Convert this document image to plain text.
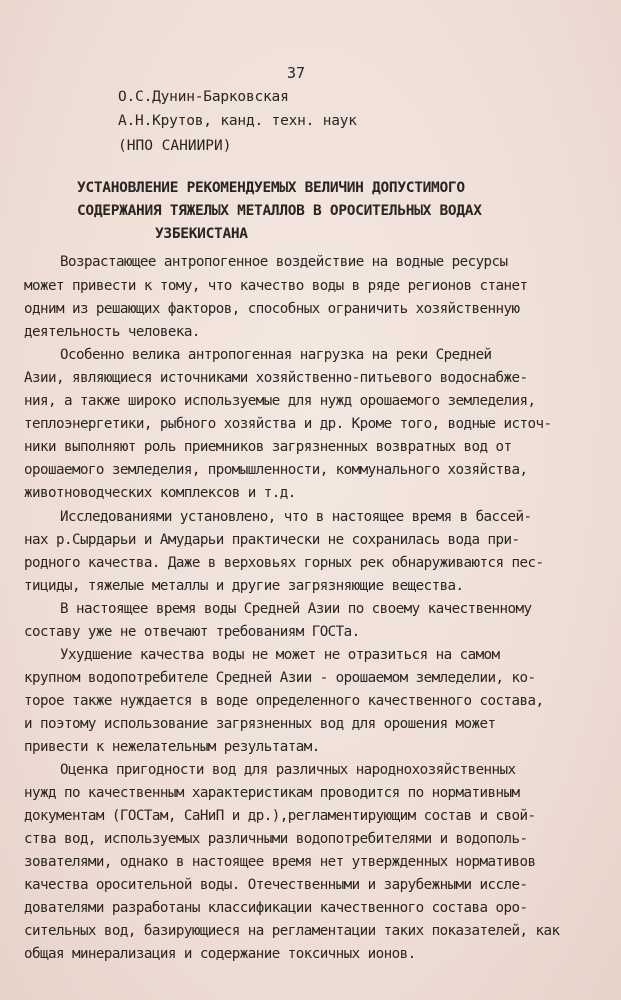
37
О.С.Дунин-Барковская
А.Н.Крутов, канд. техн. наук
(НПО САНИИРИ)
УСТАНОВЛЕНИЕ РЕКОМЕНДУЕМЫХ ВЕЛИЧИН ДОПУСТИМОГО
СОДЕРЖАНИЯ ТЯЖЕЛЫХ МЕТАЛЛОВ В ОРОСИТЕЛЬНЫХ ВОДАХ
УЗБЕКИСТАНА
Возрастающее антропогенное воздействие на водные ресурсы
может привести к тому, что качество воды в ряде регионов станет
одним из решающих факторов, способных ограничить хозяйственную
деятельность человека.
Особенно велика антропогенная нагрузка на реки Средней
Азии, являющиеся источниками хозяйственно-питьевого водоснабже-
ния, а также широко используемые для нужд орошаемого земледелия,
теплоэнергетики, рыбного хозяйства и др. Кроме того, водные источ-
ники выполняют роль приемников загрязненных возвратных вод от
орошаемого земледелия, промышленности, коммунального хозяйства,
животноводческих комплексов и т.д.
Исследованиями установлено, что в настоящее время в бассей-
нах р.Сырдарьи и Амударьи практически не сохранилась вода при-
родного качества. Даже в верховьях горных рек обнаруживаются пес-
тициды, тяжелые металлы и другие загрязняющие вещества.
В настоящее время воды Средней Азии по своему качественному
составу уже не отвечают требованиям ГОСТа.
Ухудшение качества воды не может не отразиться на самом
крупном водопотребителе Средней Азии - орошаемом земледелии, ко-
торое также нуждается в воде определенного качественного состава,
и поэтому использование загрязненных вод для орошения может
привести к нежелательным результатам.
Оценка пригодности вод для различных народнохозяйственных
нужд по качественным характеристикам проводится по нормативным
документам (ГОСТам, СаНиП и др.),регламентирующим состав и свой-
ства вод, используемых различными водопотребителями и водополь-
зователями, однако в настоящее время нет утвержденных нормативов
качества оросительной воды. Отечественными и зарубежными иссле-
дователями разработаны классификации качественного состава оро-
сительных вод, базирующиеся на регламентации таких показателей, как
общая минерализация и содержание токсичных ионов.
